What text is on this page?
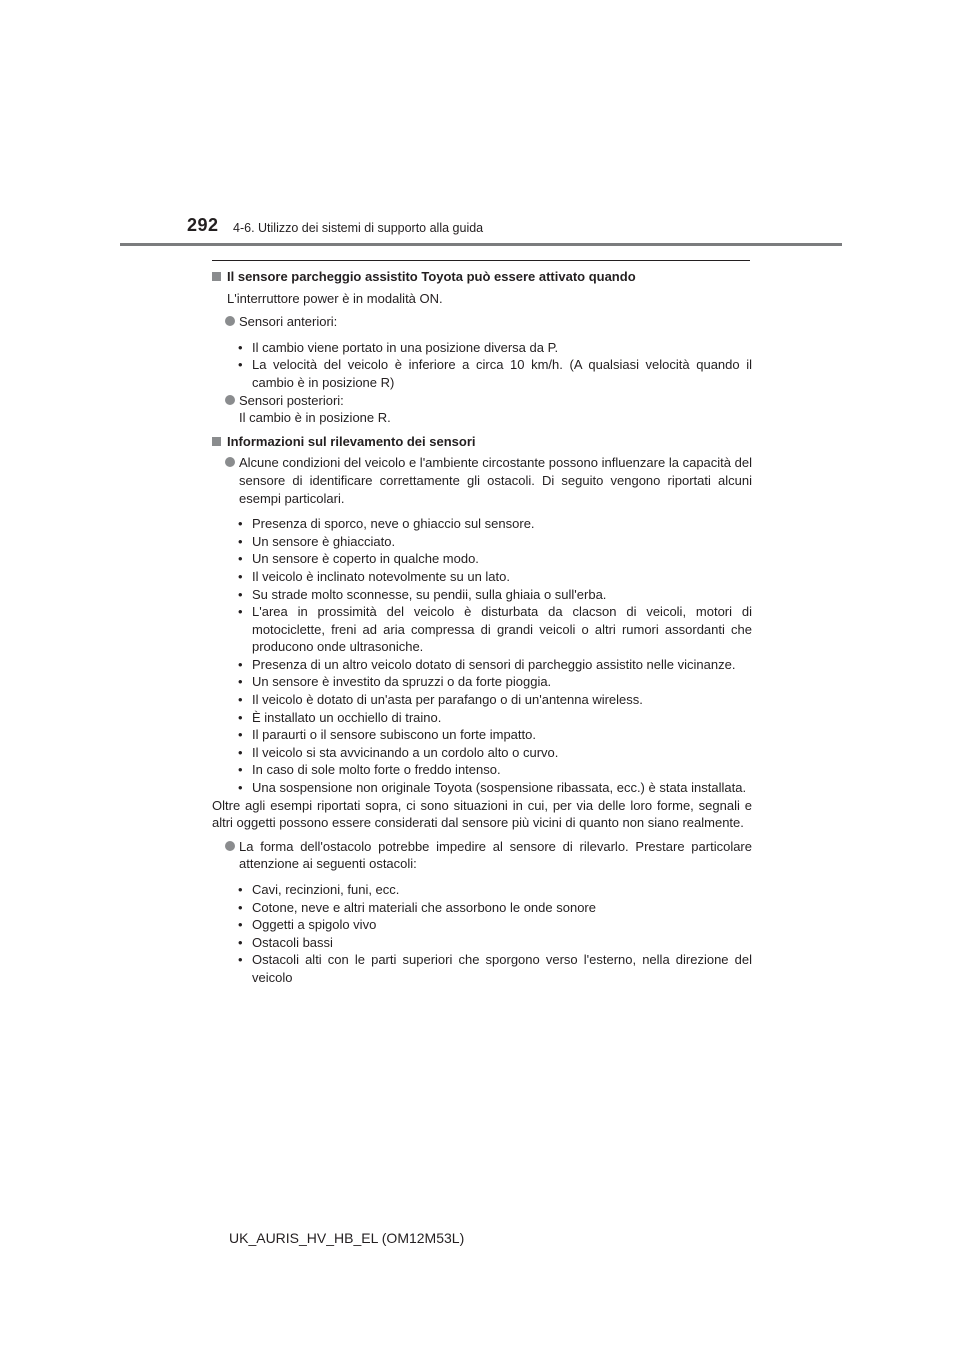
292 4-6. Utilizzo dei sistemi di supporto alla guida

Il sensore parcheggio assistito Toyota può essere attivato quando

L'interruttore power è in modalità ON.

Sensori anteriori:

• Il cambio viene portato in una posizione diversa da P.
• La velocità del veicolo è inferiore a circa 10 km/h. (A qualsiasi velocità quando il cambio è in posizione R)

Sensori posteriori:
Il cambio è in posizione R.

Informazioni sul rilevamento dei sensori

Alcune condizioni del veicolo e l'ambiente circostante possono influenzare la capacità del sensore di identificare correttamente gli ostacoli. Di seguito vengono riportati alcuni esempi particolari.

• Presenza di sporco, neve o ghiaccio sul sensore.
• Un sensore è ghiacciato.
• Un sensore è coperto in qualche modo.
• Il veicolo è inclinato notevolmente su un lato.
• Su strade molto sconnesse, su pendii, sulla ghiaia o sull'erba.
• L'area in prossimità del veicolo è disturbata da clacson di veicoli, motori di motociclette, freni ad aria compressa di grandi veicoli o altri rumori assordanti che producono onde ultrasoniche.
• Presenza di un altro veicolo dotato di sensori di parcheggio assistito nelle vicinanze.
• Un sensore è investito da spruzzi o da forte pioggia.
• Il veicolo è dotato di un'asta per parafango o di un'antenna wireless.
• È installato un occhiello di traino.
• Il paraurti o il sensore subiscono un forte impatto.
• Il veicolo si sta avvicinando a un cordolo alto o curvo.
• In caso di sole molto forte o freddo intenso.
• Una sospensione non originale Toyota (sospensione ribassata, ecc.) è stata installata.

Oltre agli esempi riportati sopra, ci sono situazioni in cui, per via delle loro forme, segnali e altri oggetti possono essere considerati dal sensore più vicini di quanto non siano realmente.

La forma dell'ostacolo potrebbe impedire al sensore di rilevarlo. Prestare particolare attenzione ai seguenti ostacoli:

• Cavi, recinzioni, funi, ecc.
• Cotone, neve e altri materiali che assorbono le onde sonore
• Oggetti a spigolo vivo
• Ostacoli bassi
• Ostacoli alti con le parti superiori che sporgono verso l'esterno, nella direzione del veicolo
UK_AURIS_HV_HB_EL (OM12M53L)
